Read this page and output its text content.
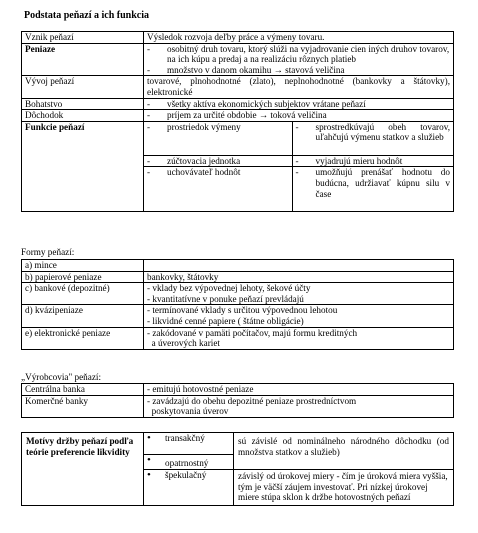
Podstata peňazí a ich funkcia
Vznik peňazí	Výsledok rozvoja deľby práce a výmeny tovaru.
Peniaze	-	osobitný druh tovaru, ktorý slúži na vyjadrovanie cien iných druhov tovarov, na ich kúpu a predaj a na realizáciu rôznych platieb
-	množstvo v danom okamihu → stavová veličina

Vývoj peňazí	tovarové, plnohodnotné (zlato), neplnohodnotné (bankovky a štátovky), elektronické
Bohatstvo	-	všetky aktíva ekonomických subjektov vrátane peňazí

Dôchodok	-	príjem za určité obdobie → toková veličina

Funkcie peňazí		-	prostriedok výmeny	-	sprostredkúvajú obeh tovarov, uľahčujú výmenu statkov a služieb

-	zúčtovacia jednotka	-	vyjadrujú mieru hodnôt

-	uchovávateľ hodnôt	-	umožňujú prenášať hodnotu do budúcna, udržiavať kúpnu silu v čase
Formy peňazí:
a) mince	
b) papierové peniaze	bankovky, štátovky
c) bankové (depozitné)	- vklady bez výpovednej lehoty, šekové účty
- kvantitatívne v ponuke peňazí prevládajú

d) kvázipeniaze	- termínované vklady s určitou výpovednou lehotou
- likvidné cenné papiere ( štátne obligácie)

e) elektronické peniaze	- zakódované v pamäti počítačov, majú formu kreditných
a úverových kariet
„Výrobcovia" peňazí:
Centrálna banka	- emitujú hotovostné peniaze
Komerčné banky	- zavádzajú do obehu depozitné peniaze prostredníctvom
poskytovania úverov
Motívy držby peňazí podľa teórie preferencie likvidity	• transakčný	sú závislé od nominálneho národného dôchodku (od množstva statkov a služieb)

	• opatrnostný	

	• špekulačný	závislý od úrokovej miery - čím je úroková miera vyššia, tým je väčší záujem investovať. Pri nízkej úrokovej miere stúpa sklon k držbe hotovostných peňazí
